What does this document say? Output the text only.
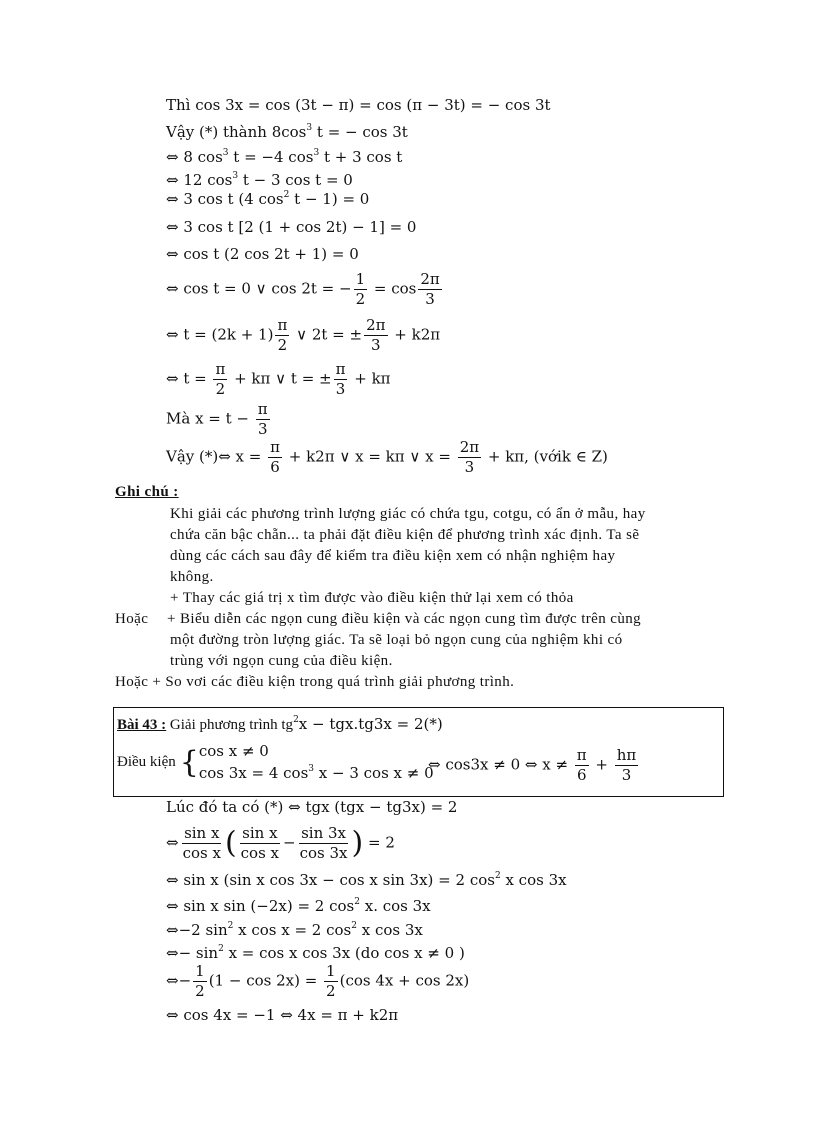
Thì cos 3x = cos (3t − π) = cos (π − 3t) = − cos 3t
Vậy (*) thành $8\cos^3$ t = − cos 3t
⇔ 8 $\cos^3 t = -4$ $\cos^3 t + 3$ cos t
⇔ 12 $\cos^3 t - 3$ cos t = 0
⇔ 3 cos t (4 $\cos^2 t - 1) = 0$
⇔ 3 cos t [2 (1 + cos 2t) − 1] = 0
⇔ cos t (2 cos 2t + 1) = 0
⇔ cos t = 0 ∨ cos 2t = − $\frac{1}{2} = \cos \frac{2\pi}{3}$
⇔ $t = (2k + 1) \frac{\pi}{2}$ ∨ 2t = ± $\frac{2\pi}{3} + k2\pi$
⇔ $t = \frac{\pi}{2} + k\pi$ ∨ t = ± $\frac{\pi}{3} + k\pi$
Mà $x = t - \frac{\pi}{3}$
Vậy (*)⇔ $x = \frac{\pi}{6} + k2\pi$ ∨ x = kπ ∨ $x = \frac{2\pi}{3} + k\pi$, (vớik ∈ Z)
Ghi chú :
Khi giải các phương trình lượng giác có chứa tgu, cotgu, có ẩn ở mẫu, hay
chứa căn bậc chẵn... ta phải đặt điều kiện để phương trình xác định. Ta sẽ
dùng các cách sau đây để kiểm tra điều kiện xem có nhận nghiệm hay
không.
+ Thay các giá trị x tìm được vào điều kiện thử lại xem có thỏa
Hoặc + Biểu diễn các ngọn cung điều kiện và các ngọn cung tìm được trên cùng
một đường tròn lượng giác. Ta sẽ loại bỏ ngọn cung của nghiệm khi có
trùng với ngọn cung của điều kiện.
Hoặc + So vơi các điều kiện trong quá trình giải phương trình.
Bài 43 : Giải phương trình $tg^2x - tgx.tg3x = 2(*)$
Điều kiện { cos x ≠ 0
cos 3x = 4 $\cos^3 x - 3$ cos x ≠ 0
⇔ cos3x ≠ 0 ⇔ $x \ne \frac{\pi}{6} + \frac{h\pi}{3}$
Lúc đó ta có (*) ⇔ tgx (tgx − tg3x) = 2
⇔ $\frac{\text{sin x}}{\text{cos x}}$ ( $\frac{\text{sin x}}{\text{cos x}} - \frac{\sin 3x}{\cos 3x}$ ) = 2
⇔ sin x (sin x cos 3x − cos x sin 3x) = 2 $\cos^2 x$ cos 3x
⇔ sin x sin (−2x) = 2 $\cos^2 x$. cos 3x
⇔−2 $\sin^2 x$ cos x = 2 $\cos^2 x$ cos 3x
⇔− $\sin^2 x = \cos x$ cos 3x (do cos x ≠ 0 )
⇔− $\frac{1}{2} (1 - \cos 2x) = \frac{1}{2} (\cos$ 4x + cos 2x)
⇔ cos 4x = −1 ⇔ 4x = π + k2π
